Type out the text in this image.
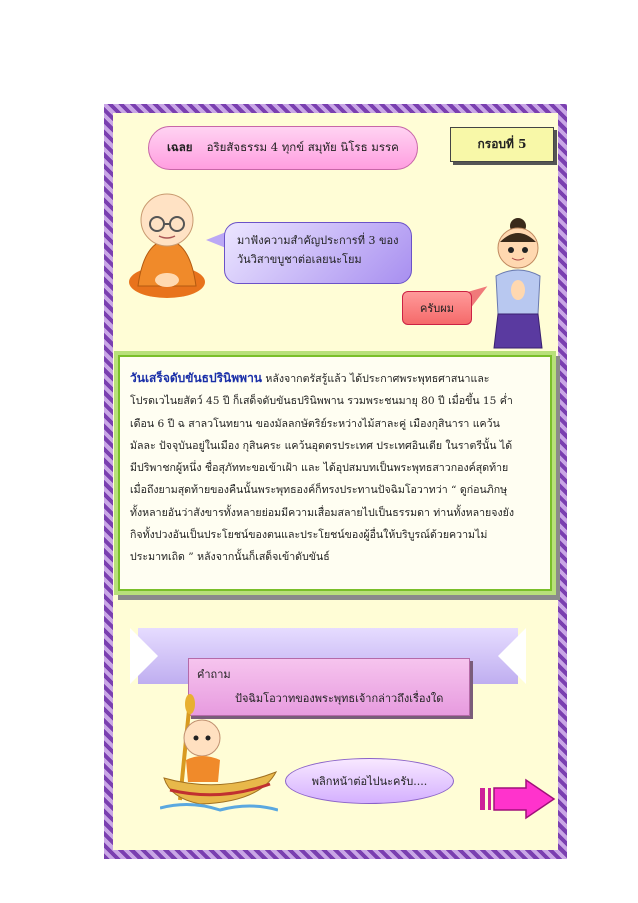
เฉลย อริยสัจธรรม 4 ทุกข์ สมุทัย นิโรธ มรรค	กรอบที่ 5
มาฟังความสำคัญประการที่ 3 ของ
วันวิสาขบูชาต่อเลยนะโยม
ครับผม
วันเสร็จดับขันธปรินิพพาน หลังจากตรัสรู้แล้ว ได้ประกาศพระพุทธศาสนาและ
โปรดเวไนยสัตว์ 45 ปี ก็เสด็จดับขันธปรินิพพาน รวมพระชนมายุ 80 ปี เมื่อขึ้น 15 ค่ำ
เดือน 6 ปี ฉ สาลวโนทยาน ของมัลลกษัตริย์ระหว่างไม้สาละคู่ เมืองกุสินารา แคว้น
มัลละ ปัจจุบันอยู่ในเมือง กุสินคระ แคว้นอุตตรประเทศ ประเทศอินเดีย ในราตรีนั้น ได้
มีปริพาชกผู้หนึ่ง ชื่อสุภัททะขอเข้าเฝ้า และ ได้อุปสมบทเป็นพระพุทธสาวกองค์สุดท้าย
เมื่อถึงยามสุดท้ายของคืนนั้นพระพุทธองค์ก็ทรงประทานปัจฉิมโอวาทว่า “ ดูก่อนภิกษุ
ทั้งหลายอันว่าสังขารทั้งหลายย่อมมีความเสื่อมสลายไปเป็นธรรมดา ท่านทั้งหลายจงยัง
กิจทั้งปวงอันเป็นประโยชน์ของตนและประโยชน์ของผู้อื่นให้บริบูรณ์ด้วยความไม่
ประมาทเถิด ” หลังจากนั้นก็เสด็จเข้าดับขันธ์
คำถาม
ปัจฉิมโอวาทของพระพุทธเจ้ากล่าวถึงเรื่องใด
พลิกหน้าต่อไปนะครับ....
